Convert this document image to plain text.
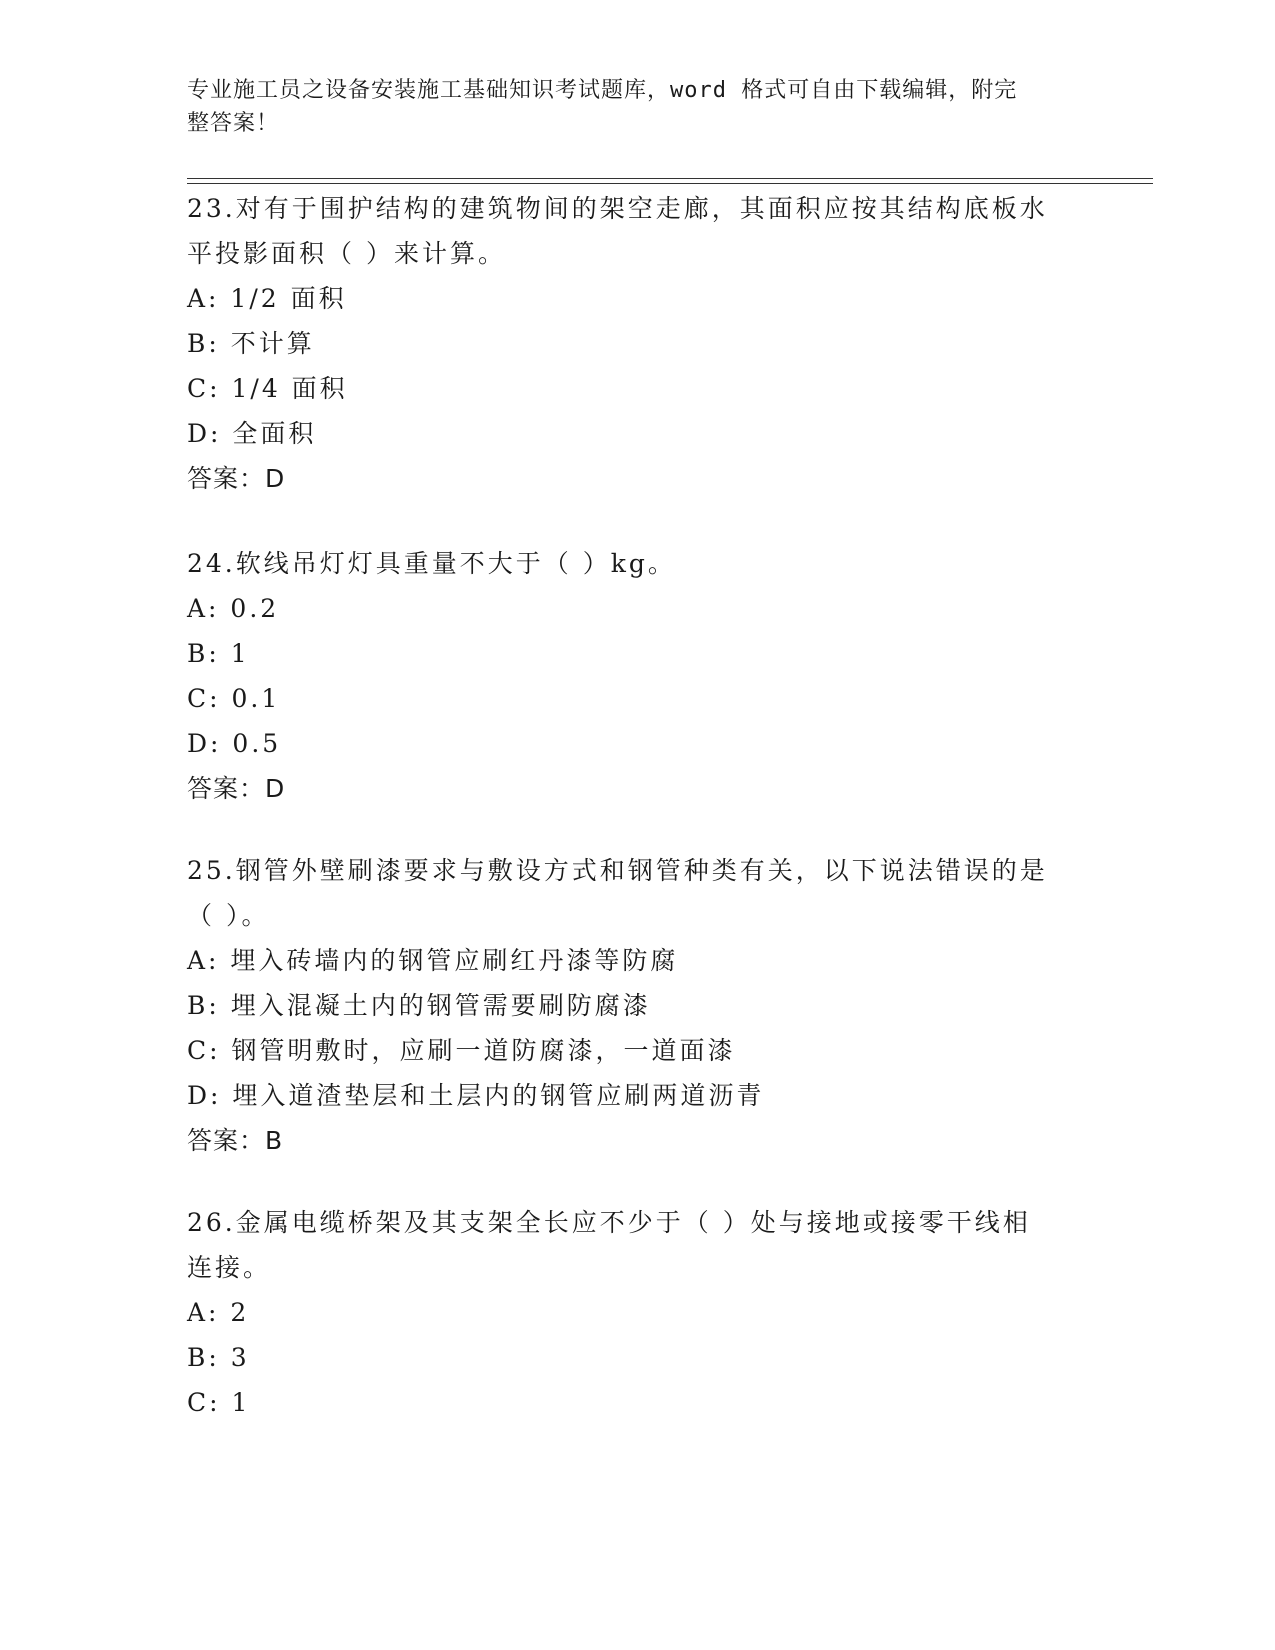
专业施工员之设备安装施工基础知识考试题库，word 格式可自由下载编辑，附完
整答案！
23.对有于围护结构的建筑物间的架空走廊，其面积应按其结构底板水
平投影面积（ ）来计算。
A: 1/2 面积
B: 不计算
C: 1/4 面积
D: 全面积
答案：D
24.软线吊灯灯具重量不大于（ ）kg。
A: 0.2
B: 1
C: 0.1
D: 0.5
答案：D
25.钢管外壁刷漆要求与敷设方式和钢管种类有关，以下说法错误的是
（ ）。
A: 埋入砖墙内的钢管应刷红丹漆等防腐
B: 埋入混凝土内的钢管需要刷防腐漆
C: 钢管明敷时，应刷一道防腐漆，一道面漆
D: 埋入道渣垫层和土层内的钢管应刷两道沥青
答案：B
26.金属电缆桥架及其支架全长应不少于（ ）处与接地或接零干线相
连接。
A: 2
B: 3
C: 1
